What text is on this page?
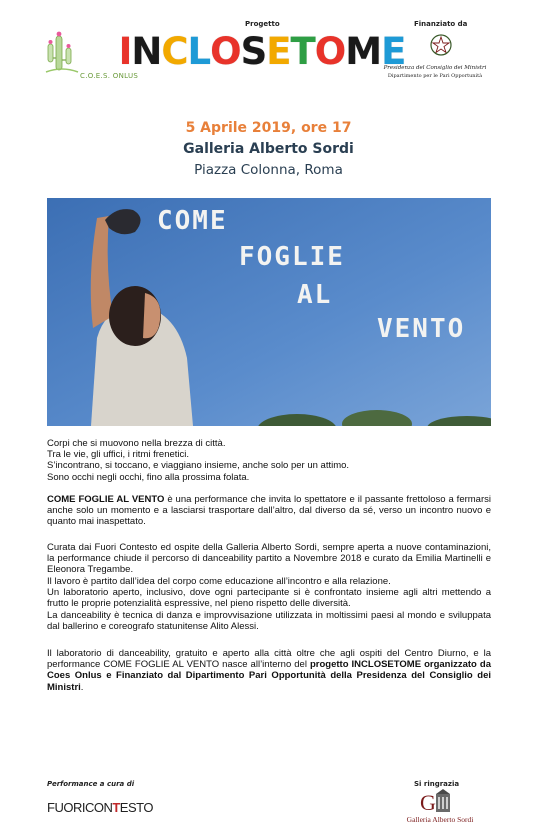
C.O.E.S. ONLUS
Progetto
I N C L O S E T O M E
Finanziato da
Presidenza del Consiglio dei Ministri
Dipartimento per le Pari Opportunità
5 Aprile 2019, ore 17
Galleria Alberto Sordi
Piazza Colonna, Roma
COME
FOGLIE
AL
VENTO
Corpi che si muovono nella brezza di città.
Tra le vie, gli uffici, i ritmi frenetici.
S’incontrano, si toccano, e viaggiano insieme, anche solo per un attimo.
Sono occhi negli occhi, fino alla prossima folata.
COME FOGLIE AL VENTO è una performance che invita lo spettatore e il passante frettoloso a fermarsi anche solo un momento e a lasciarsi trasportare dall’altro, dal diverso da sé, verso un incontro nuovo e quanto mai inaspettato.
Curata dai Fuori Contesto ed ospite della Galleria Alberto Sordi, sempre aperta a nuove contaminazioni, la performance chiude il percorso di danceability partito a Novembre 2018 e curato da Emilia Martinelli e Eleonora Tregambe.
Il lavoro è partito dall’idea del corpo come educazione all’incontro e alla relazione.
Un laboratorio aperto, inclusivo, dove ogni partecipante si è confrontato insieme agli altri mettendo a frutto le proprie potenzialità espressive, nel pieno rispetto delle diversità.
La danceability è tecnica di danza e improvvisazione utilizzata in moltissimi paesi al mondo e sviluppata dal ballerino e coreografo statunitense Alito Alessi.
Il laboratorio di danceability, gratuito e aperto alla città oltre che agli ospiti del Centro Diurno, e la performance COME FOGLIE AL VENTO nasce all’interno del progetto INCLOSETOME organizzato da Coes Onlus e Finanziato dal Dipartimento Pari Opportunità della Presidenza del Consiglio dei Ministri.
Performance a cura di
FUORICONTESTO
Si ringrazia
G
Galleria Alberto Sordi
